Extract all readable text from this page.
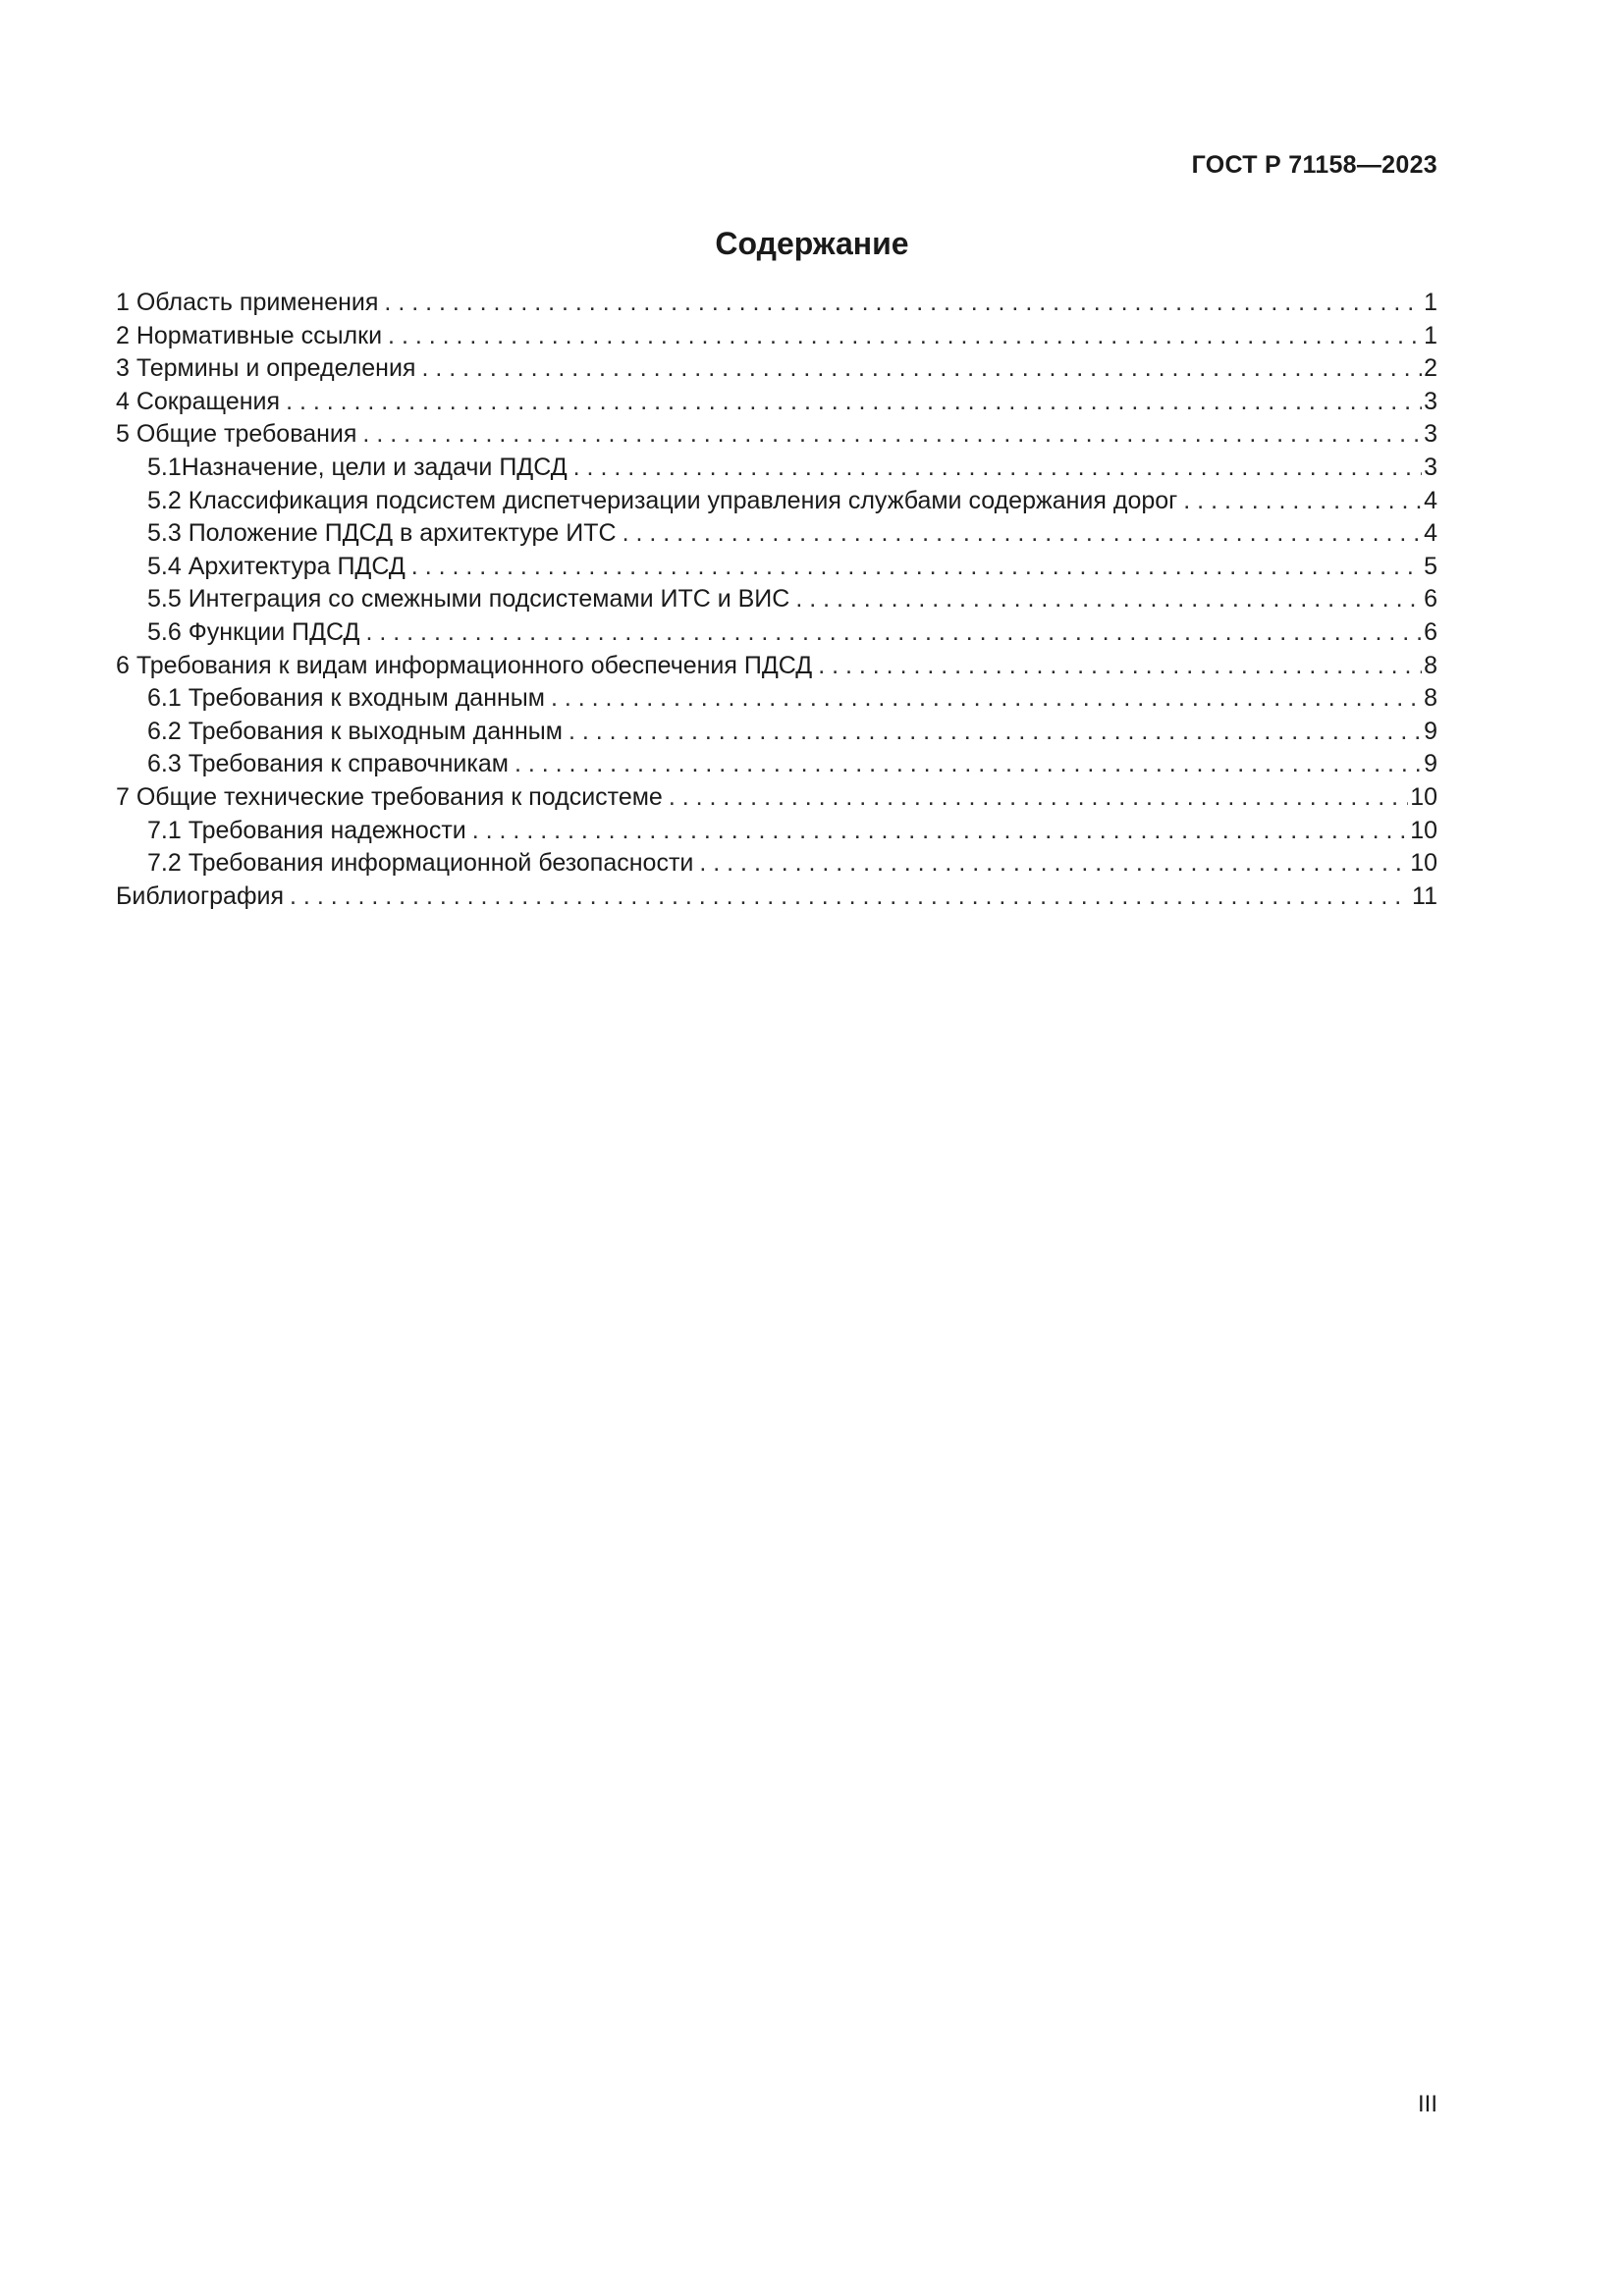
ГОСТ Р 71158—2023
Содержание
1 Область применения . . .	1
2 Нормативные ссылки . . .	1
3 Термины и определения . . .	2
4 Сокращения . . .	3
5 Общие требования . . .	3
5.1Назначение, цели и задачи ПДСД . . .	3
5.2 Классификация подсистем диспетчеризации управления службами содержания дорог . . .	4
5.3 Положение ПДСД в архитектуре ИТС . . .	4
5.4 Архитектура ПДСД . . .	5
5.5 Интеграция со смежными подсистемами ИТС и ВИС . . .	6
5.6 Функции ПДСД . . .	6
6 Требования к видам информационного обеспечения ПДСД . . .	8
6.1 Требования к входным данным . . .	8
6.2 Требования к выходным данным . . .	9
6.3 Требования к справочникам . . .	9
7 Общие технические требования к подсистеме . . .	10
7.1 Требования надежности . . .	10
7.2 Требования информационной безопасности . . .	10
Библиография . . .	11
III
